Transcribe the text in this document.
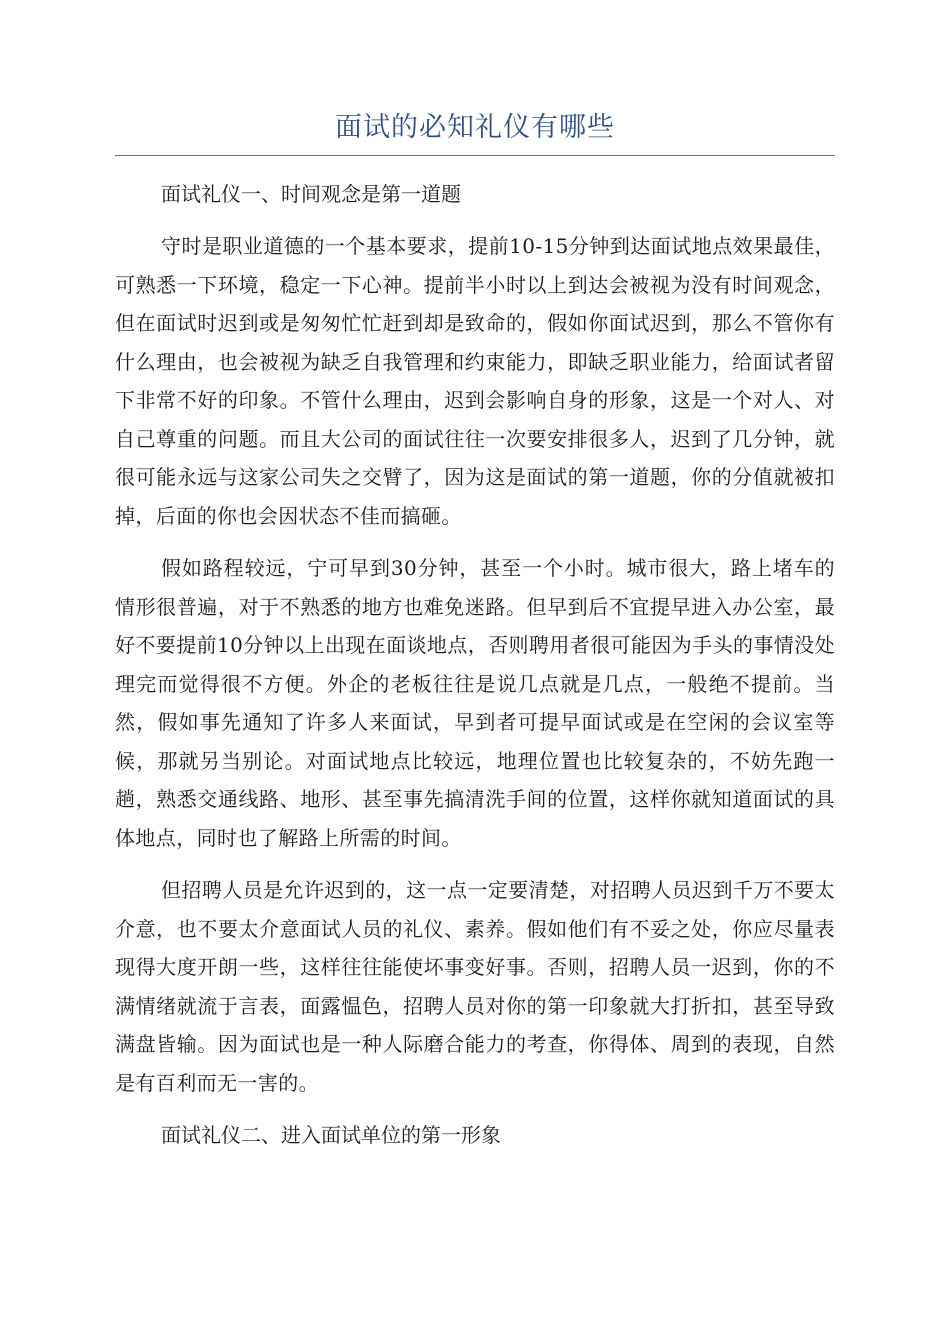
面试的必知礼仪有哪些
面试礼仪一、时间观念是第一道题
守时是职业道德的一个基本要求，提前10-15分钟到达面试地点效果最佳，可熟悉一下环境，稳定一下心神。提前半小时以上到达会被视为没有时间观念，但在面试时迟到或是匆匆忙忙赶到却是致命的，假如你面试迟到，那么不管你有什么理由，也会被视为缺乏自我管理和约束能力，即缺乏职业能力，给面试者留下非常不好的印象。不管什么理由，迟到会影响自身的形象，这是一个对人、对自己尊重的问题。而且大公司的面试往往一次要安排很多人，迟到了几分钟，就很可能永远与这家公司失之交臂了，因为这是面试的第一道题，你的分值就被扣掉，后面的你也会因状态不佳而搞砸。
假如路程较远，宁可早到30分钟，甚至一个小时。城市很大，路上堵车的情形很普遍，对于不熟悉的地方也难免迷路。但早到后不宜提早进入办公室，最好不要提前10分钟以上出现在面谈地点，否则聘用者很可能因为手头的事情没处理完而觉得很不方便。外企的老板往往是说几点就是几点，一般绝不提前。当然，假如事先通知了许多人来面试，早到者可提早面试或是在空闲的会议室等候，那就另当别论。对面试地点比较远，地理位置也比较复杂的，不妨先跑一趟，熟悉交通线路、地形、甚至事先搞清洗手间的位置，这样你就知道面试的具体地点，同时也了解路上所需的时间。
但招聘人员是允许迟到的，这一点一定要清楚，对招聘人员迟到千万不要太介意，也不要太介意面试人员的礼仪、素养。假如他们有不妥之处，你应尽量表现得大度开朗一些，这样往往能使坏事变好事。否则，招聘人员一迟到，你的不满情绪就流于言表，面露愠色，招聘人员对你的第一印象就大打折扣，甚至导致满盘皆输。因为面试也是一种人际磨合能力的考查，你得体、周到的表现，自然是有百利而无一害的。
面试礼仪二、进入面试单位的第一形象
